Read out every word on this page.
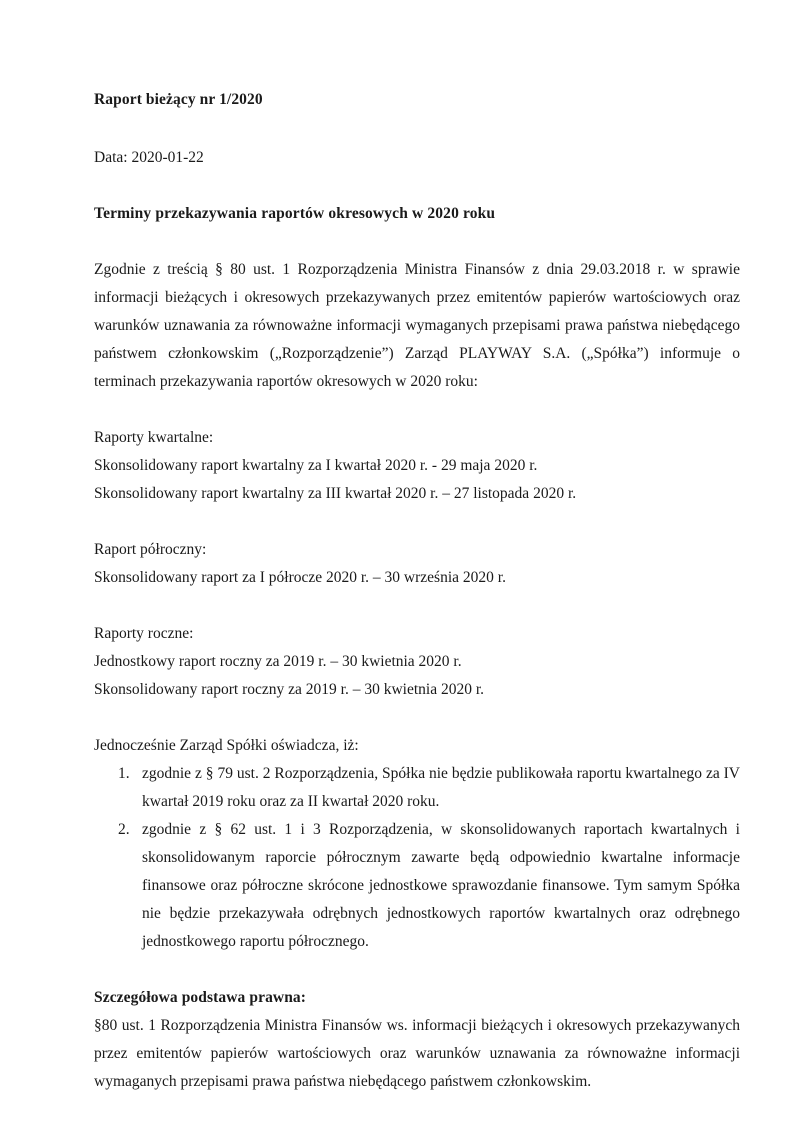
Raport bieżący nr 1/2020

Data: 2020-01-22

Terminy przekazywania raportów okresowych w 2020 roku

Zgodnie z treścią § 80 ust. 1 Rozporządzenia Ministra Finansów z dnia 29.03.2018 r. w sprawie informacji bieżących i okresowych przekazywanych przez emitentów papierów wartościowych oraz warunków uznawania za równoważne informacji wymaganych przepisami prawa państwa niebędącego państwem członkowskim („Rozporządzenie”) Zarząd PLAYWAY S.A. („Spółka”) informuje o terminach przekazywania raportów okresowych w 2020 roku:

Raporty kwartalne:

Skonsolidowany raport kwartalny za I kwartał 2020 r. - 29 maja 2020 r.

Skonsolidowany raport kwartalny za III kwartał 2020 r. – 27 listopada 2020 r.

Raport półroczny:

Skonsolidowany raport za I półrocze 2020 r. – 30 września 2020 r.

Raporty roczne:

Jednostkowy raport roczny za 2019 r. – 30 kwietnia 2020 r.

Skonsolidowany raport roczny za 2019 r. – 30 kwietnia 2020 r.

Jednocześnie Zarząd Spółki oświadcza, iż:

zgodnie z § 79 ust. 2 Rozporządzenia, Spółka nie będzie publikowała raportu kwartalnego za IV kwartał 2019 roku oraz za II kwartał 2020 roku.
zgodnie z § 62 ust. 1 i 3 Rozporządzenia, w skonsolidowanych raportach kwartalnych i skonsolidowanym raporcie półrocznym zawarte będą odpowiednio kwartalne informacje finansowe oraz półroczne skrócone jednostkowe sprawozdanie finansowe. Tym samym Spółka nie będzie przekazywała odrębnych jednostkowych raportów kwartalnych oraz odrębnego jednostkowego raportu półrocznego.
Szczegółowa podstawa prawna:

§80 ust. 1 Rozporządzenia Ministra Finansów ws. informacji bieżących i okresowych przekazywanych przez emitentów papierów wartościowych oraz warunków uznawania za równoważne informacji wymaganych przepisami prawa państwa niebędącego państwem członkowskim.
